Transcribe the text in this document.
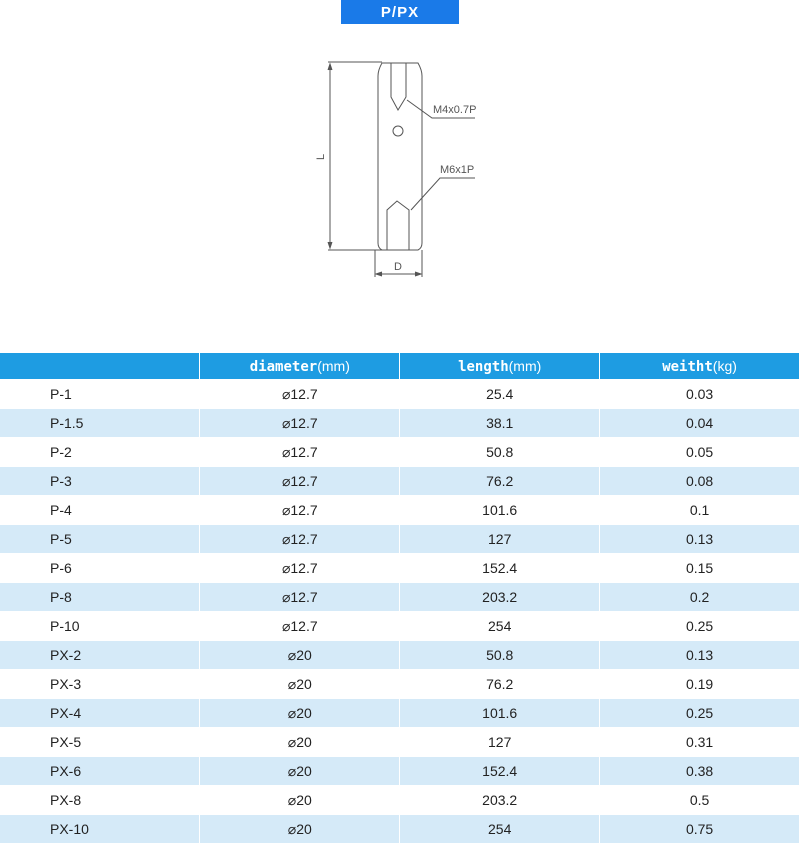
P/PX
M4x0.7P
M6x1P
L
D
	diameter(mm)	length(mm)	weitht(kg)
P-1	⌀12.7	25.4	0.03
P-1.5	⌀12.7	38.1	0.04
P-2	⌀12.7	50.8	0.05
P-3	⌀12.7	76.2	0.08
P-4	⌀12.7	101.6	0.1
P-5	⌀12.7	127	0.13
P-6	⌀12.7	152.4	0.15
P-8	⌀12.7	203.2	0.2
P-10	⌀12.7	254	0.25
PX-2	⌀20	50.8	0.13
PX-3	⌀20	76.2	0.19
PX-4	⌀20	101.6	0.25
PX-5	⌀20	127	0.31
PX-6	⌀20	152.4	0.38
PX-8	⌀20	203.2	0.5
PX-10	⌀20	254	0.75
